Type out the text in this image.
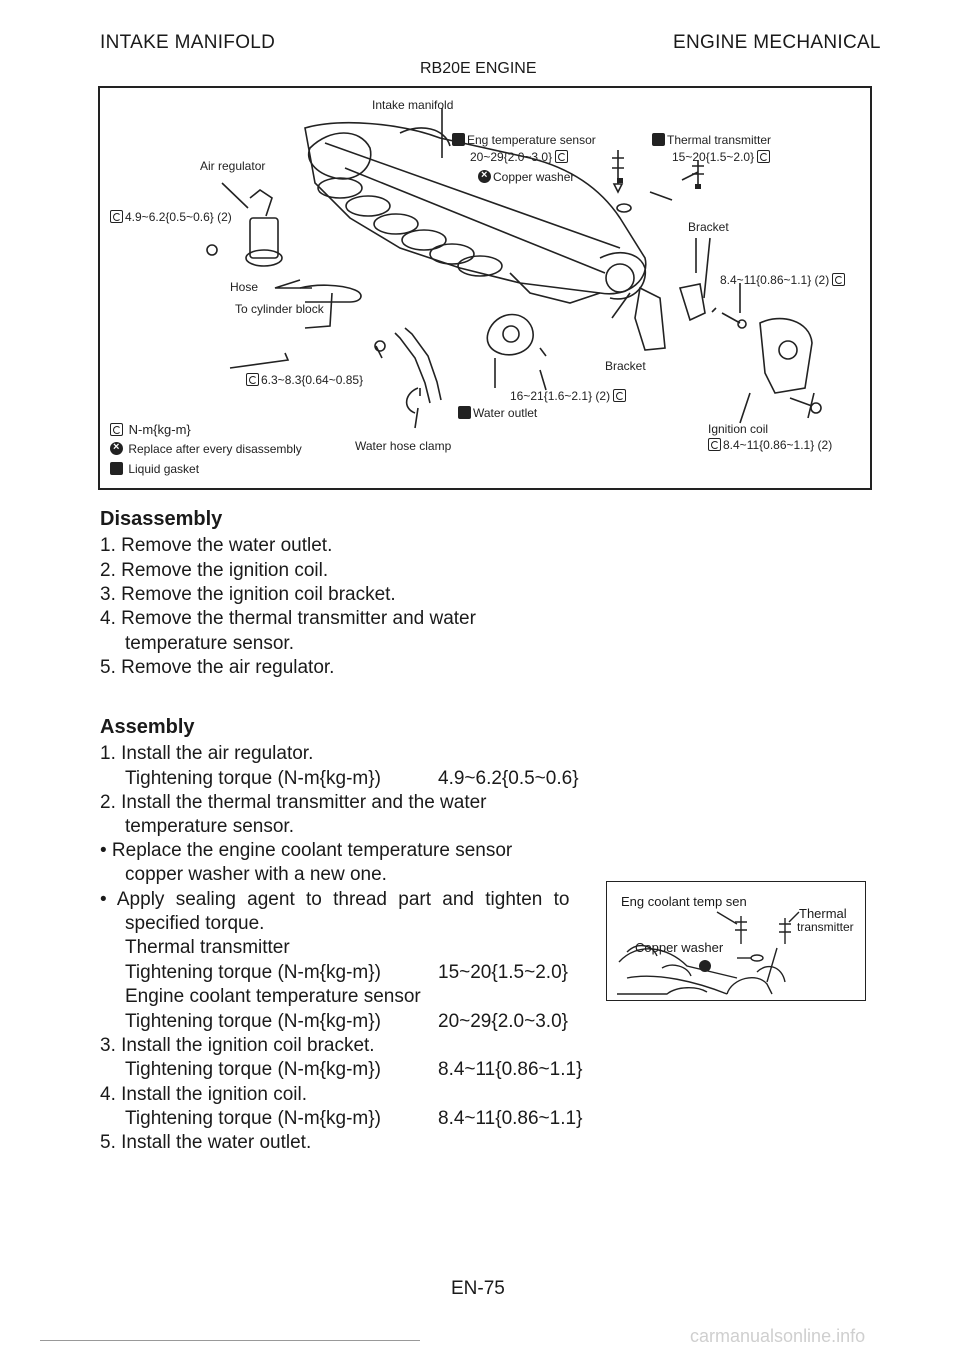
INTAKE MANIFOLD	ENGINE MECHANICAL
RB20E ENGINE
Intake manifold
Eng temperature sensor
20~29{2.0~3.0}
×Copper washer
Thermal transmitter
15~20{1.5~2.0}
Air regulator
4.9~6.2{0.5~0.6} (2)
Bracket
8.4~11{0.86~1.1} (2)
Hose
To cylinder block
Bracket
6.3~8.3{0.64~0.85}
16~21{1.6~2.1} (2)
Water outlet
Water hose clamp
Ignition coil
8.4~11{0.86~1.1} (2)
N-m{kg-m}
× Replace after every disassembly
Liquid gasket
Disassembly
1. Remove the water outlet.
2. Remove the ignition coil.
3. Remove the ignition coil bracket.
4. Remove the thermal transmitter and water
temperature sensor.
5. Remove the air regulator.
Assembly
1. Install the air regulator.
Tightening torque (N-m{kg-m})	4.9~6.2{0.5~0.6}
2. Install the thermal transmitter and the water
temperature sensor.
• Replace the engine coolant temperature sensor
copper washer with a new one.
• Apply sealing agent to thread part and tighten to
specified torque.
Thermal transmitter
Tightening torque (N-m{kg-m})	15~20{1.5~2.0}
Engine coolant temperature sensor
Tightening torque (N-m{kg-m})	20~29{2.0~3.0}
3. Install the ignition coil bracket.
Tightening torque (N-m{kg-m})	8.4~11{0.86~1.1}
4. Install the ignition coil.
Tightening torque (N-m{kg-m})	8.4~11{0.86~1.1}
5. Install the water outlet.
Eng coolant temp sen
Thermal
transmitter
Copper washer
EN-75
carmanualsonline.info
